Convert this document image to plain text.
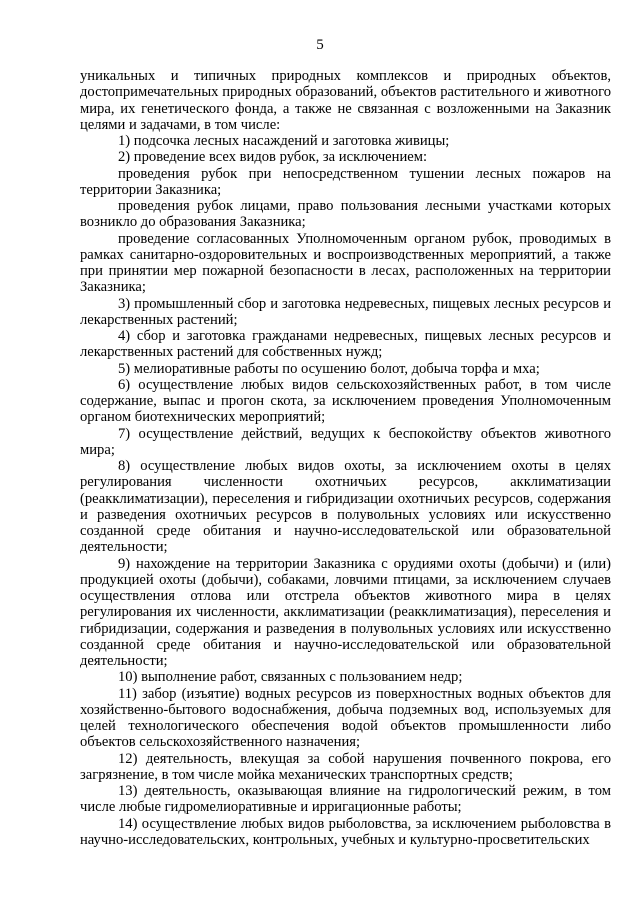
5

уникальных и типичных природных комплексов и природных объектов, достопримечательных природных образований, объектов растительного и животного мира, их генетического фонда, а также не связанная с возложенными на Заказник целями и задачами, в том числе:

1) подсочка лесных насаждений и заготовка живицы;

2) проведение всех видов рубок, за исключением:

проведения рубок при непосредственном тушении лесных пожаров на территории Заказника;

проведения рубок лицами, право пользования лесными участками которых возникло до образования Заказника;

проведение согласованных Уполномоченным органом рубок, проводимых в рамках санитарно-оздоровительных и воспроизводственных мероприятий, а также при принятии мер пожарной безопасности в лесах, расположенных на территории Заказника;

3) промышленный сбор и заготовка недревесных, пищевых лесных ресурсов и лекарственных растений;

4) сбор и заготовка гражданами недревесных, пищевых лесных ресурсов и лекарственных растений для собственных нужд;

5) мелиоративные работы по осушению болот, добыча торфа и мха;

6) осуществление любых видов сельскохозяйственных работ, в том числе содержание, выпас и прогон скота, за исключением проведения Уполномоченным органом биотехнических мероприятий;

7) осуществление действий, ведущих к беспокойству объектов животного мира;

8) осуществление любых видов охоты, за исключением охоты в целях регулирования численности охотничьих ресурсов, акклиматизации (реакклиматизации), переселения и гибридизации охотничьих ресурсов, содержания и разведения охотничьих ресурсов в полувольных условиях или искусственно созданной среде обитания и научно-исследовательской или образовательной деятельности;

9) нахождение на территории Заказника с орудиями охоты (добычи) и (или) продукцией охоты (добычи), собаками, ловчими птицами, за исключением случаев осуществления отлова или отстрела объектов животного мира в целях регулирования их численности, акклиматизации (реакклиматизация), переселения и гибридизации, содержания и разведения в полувольных условиях или искусственно созданной среде обитания и научно-исследовательской или образовательной деятельности;

10) выполнение работ, связанных с пользованием недр;

11) забор (изъятие) водных ресурсов из поверхностных водных объектов для хозяйственно-бытового водоснабжения, добыча подземных вод, используемых для целей технологического обеспечения водой объектов промышленности либо объектов сельскохозяйственного назначения;

12) деятельность, влекущая за собой нарушения почвенного покрова, его загрязнение, в том числе мойка механических транспортных средств;

13) деятельность, оказывающая влияние на гидрологический режим, в том числе любые гидромелиоративные и ирригационные работы;

14) осуществление любых видов рыболовства, за исключением рыболовства в научно-исследовательских, контрольных, учебных и культурно-просветительских
